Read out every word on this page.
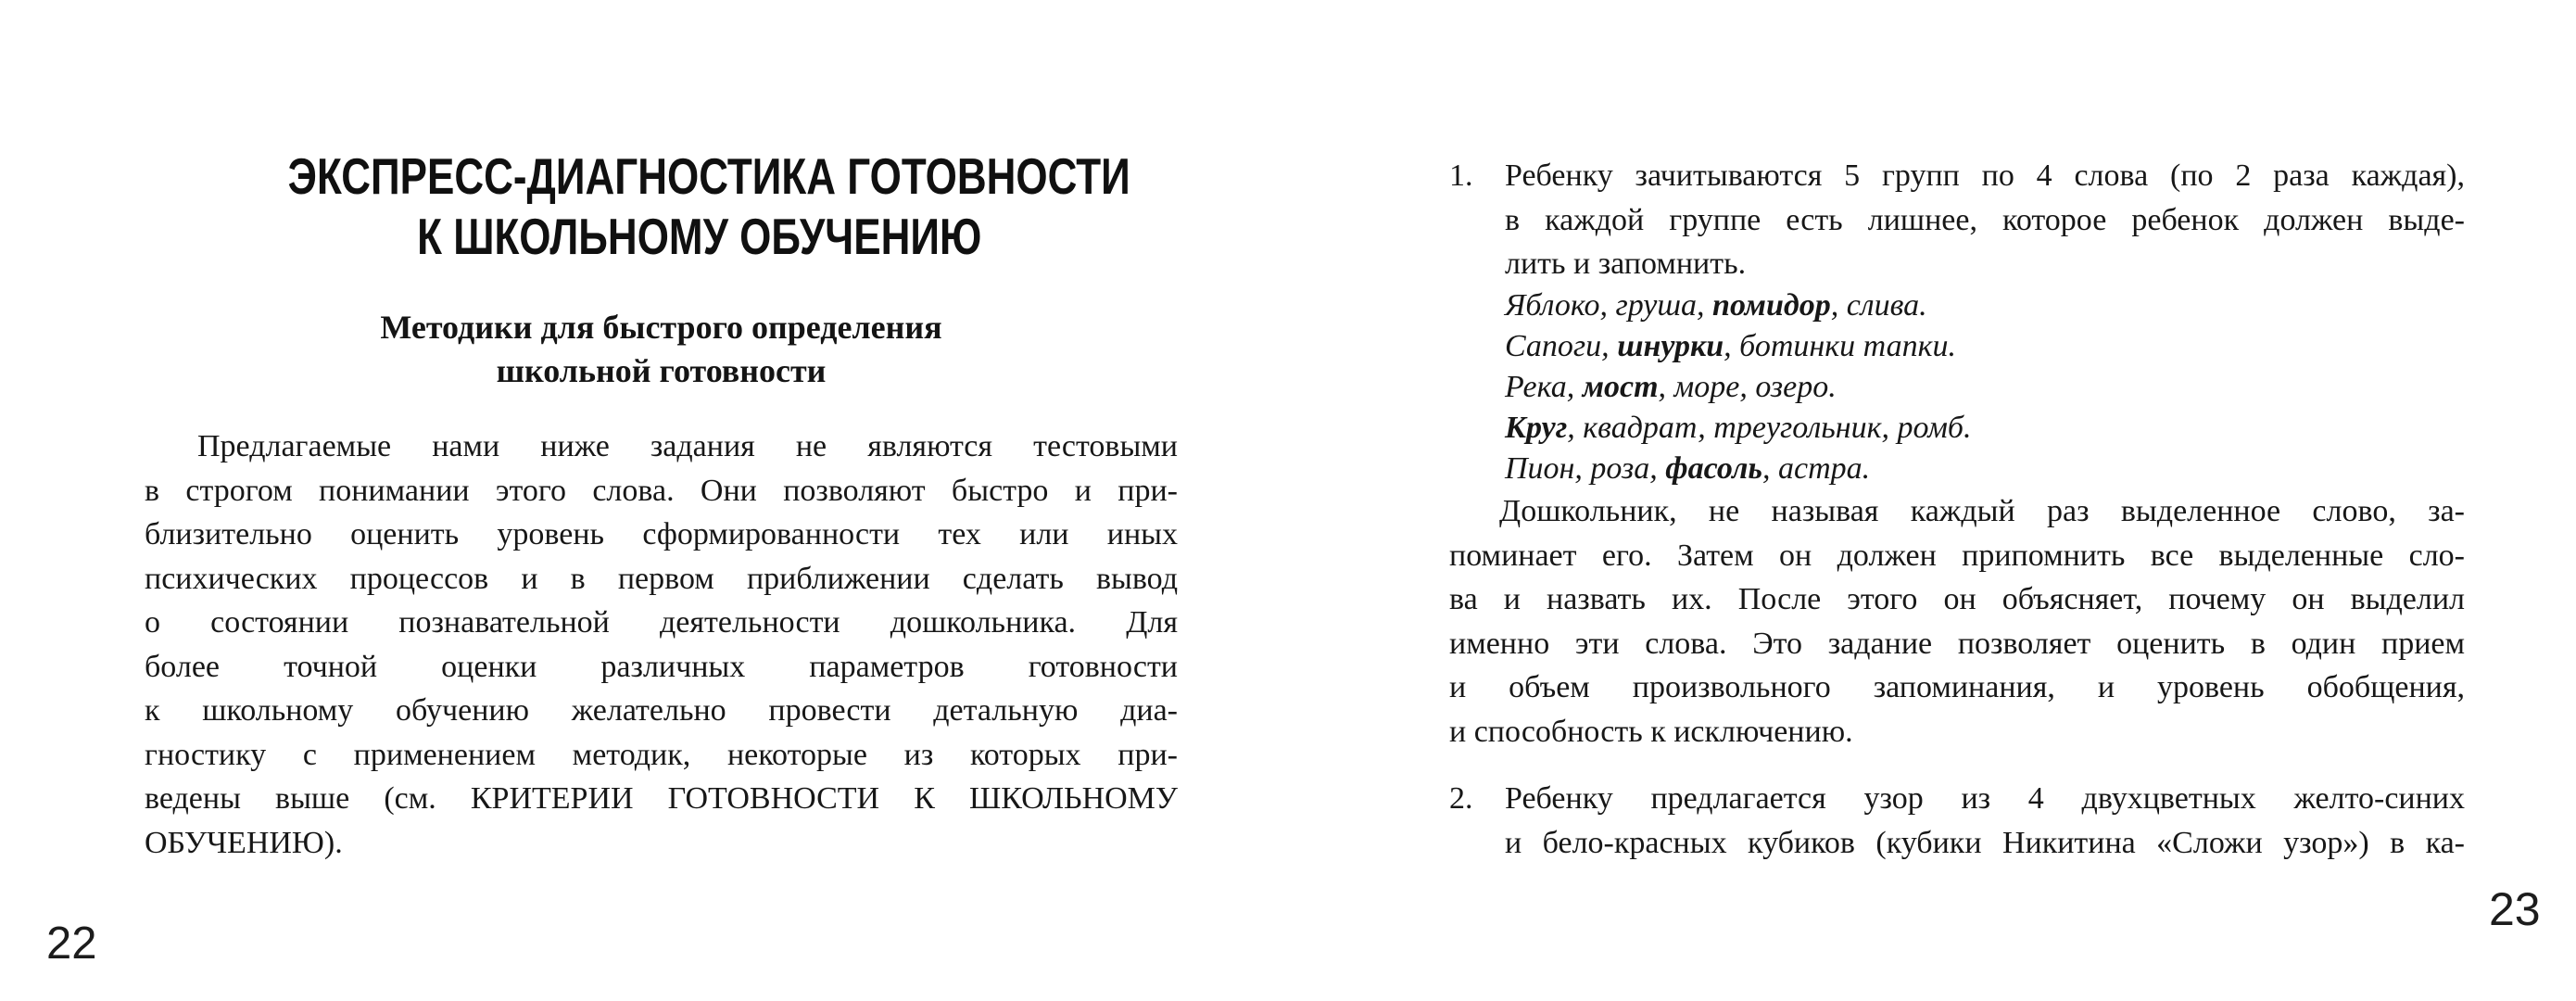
ЭКСПРЕСС-ДИАГНОСТИКА ГОТОВНОСТИ
К ШКОЛЬНОМУ ОБУЧЕНИЮ
Методики для быстрого определения
школьной готовности
Предлагаемые нами ниже задания не являются тестовыми
в строгом понимании этого слова. Они позволяют быстро и при-
близительно оценить уровень сформированности тех или иных
психических процессов и в первом приближении сделать вывод
о состоянии познавательной деятельности дошкольника. Для
более точной оценки различных параметров готовности
к школьному обучению желательно провести детальную диа-
гностику с применением методик, некоторые из которых при-
ведены выше (см. КРИТЕРИИ ГОТОВНОСТИ К ШКОЛЬНОМУ
ОБУЧЕНИЮ).
22
1.	Ребенку зачитываются 5 групп по 4 слова (по 2 раза каждая),
в каждой группе есть лишнее, которое ребенок должен выде-
лить и запомнить.
Яблоко, груша, помидор, слива.
Сапоги, шнурки, ботинки тапки.
Река, мост, море, озеро.
Круг, квадрат, треугольник, ромб.
Пион, роза, фасоль, астра.
Дошкольник, не называя каждый раз выделенное слово, за-
поминает его. Затем он должен припомнить все выделенные сло-
ва и назвать их. После этого он объясняет, почему он выделил
именно эти слова. Это задание позволяет оценить в один прием
и объем произвольного запоминания, и уровень обобщения,
и способность к исключению.
2.	Ребенку предлагается узор из 4 двухцветных желто-синих
и бело-красных кубиков (кубики Никитина «Сложи узор») в ка-
23
